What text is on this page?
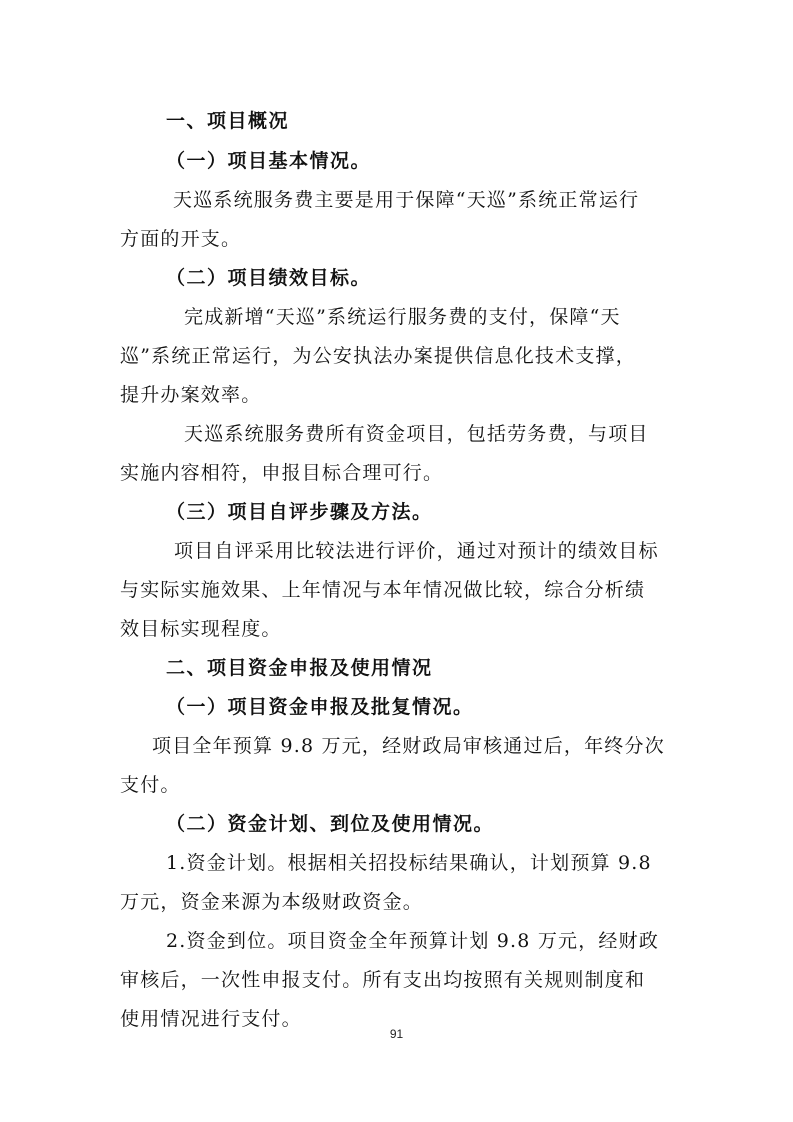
一、项目概况
（一）项目基本情况。
天巡系统服务费主要是用于保障“天巡”系统正常运行
方面的开支。
（二）项目绩效目标。
完成新增“天巡”系统运行服务费的支付，保障“天
巡”系统正常运行，为公安执法办案提供信息化技术支撑，
提升办案效率。
天巡系统服务费所有资金项目，包括劳务费，与项目
实施内容相符，申报目标合理可行。
（三）项目自评步骤及方法。
项目自评采用比较法进行评价，通过对预计的绩效目标
与实际实施效果、上年情况与本年情况做比较，综合分析绩
效目标实现程度。
二、项目资金申报及使用情况
（一）项目资金申报及批复情况。
项目全年预算 9.8 万元，经财政局审核通过后，年终分次
支付。
（二）资金计划、到位及使用情况。
1.资金计划。根据相关招投标结果确认，计划预算 9.8
万元，资金来源为本级财政资金。
2.资金到位。项目资金全年预算计划 9.8 万元，经财政
审核后，一次性申报支付。所有支出均按照有关规则制度和
使用情况进行支付。
91
